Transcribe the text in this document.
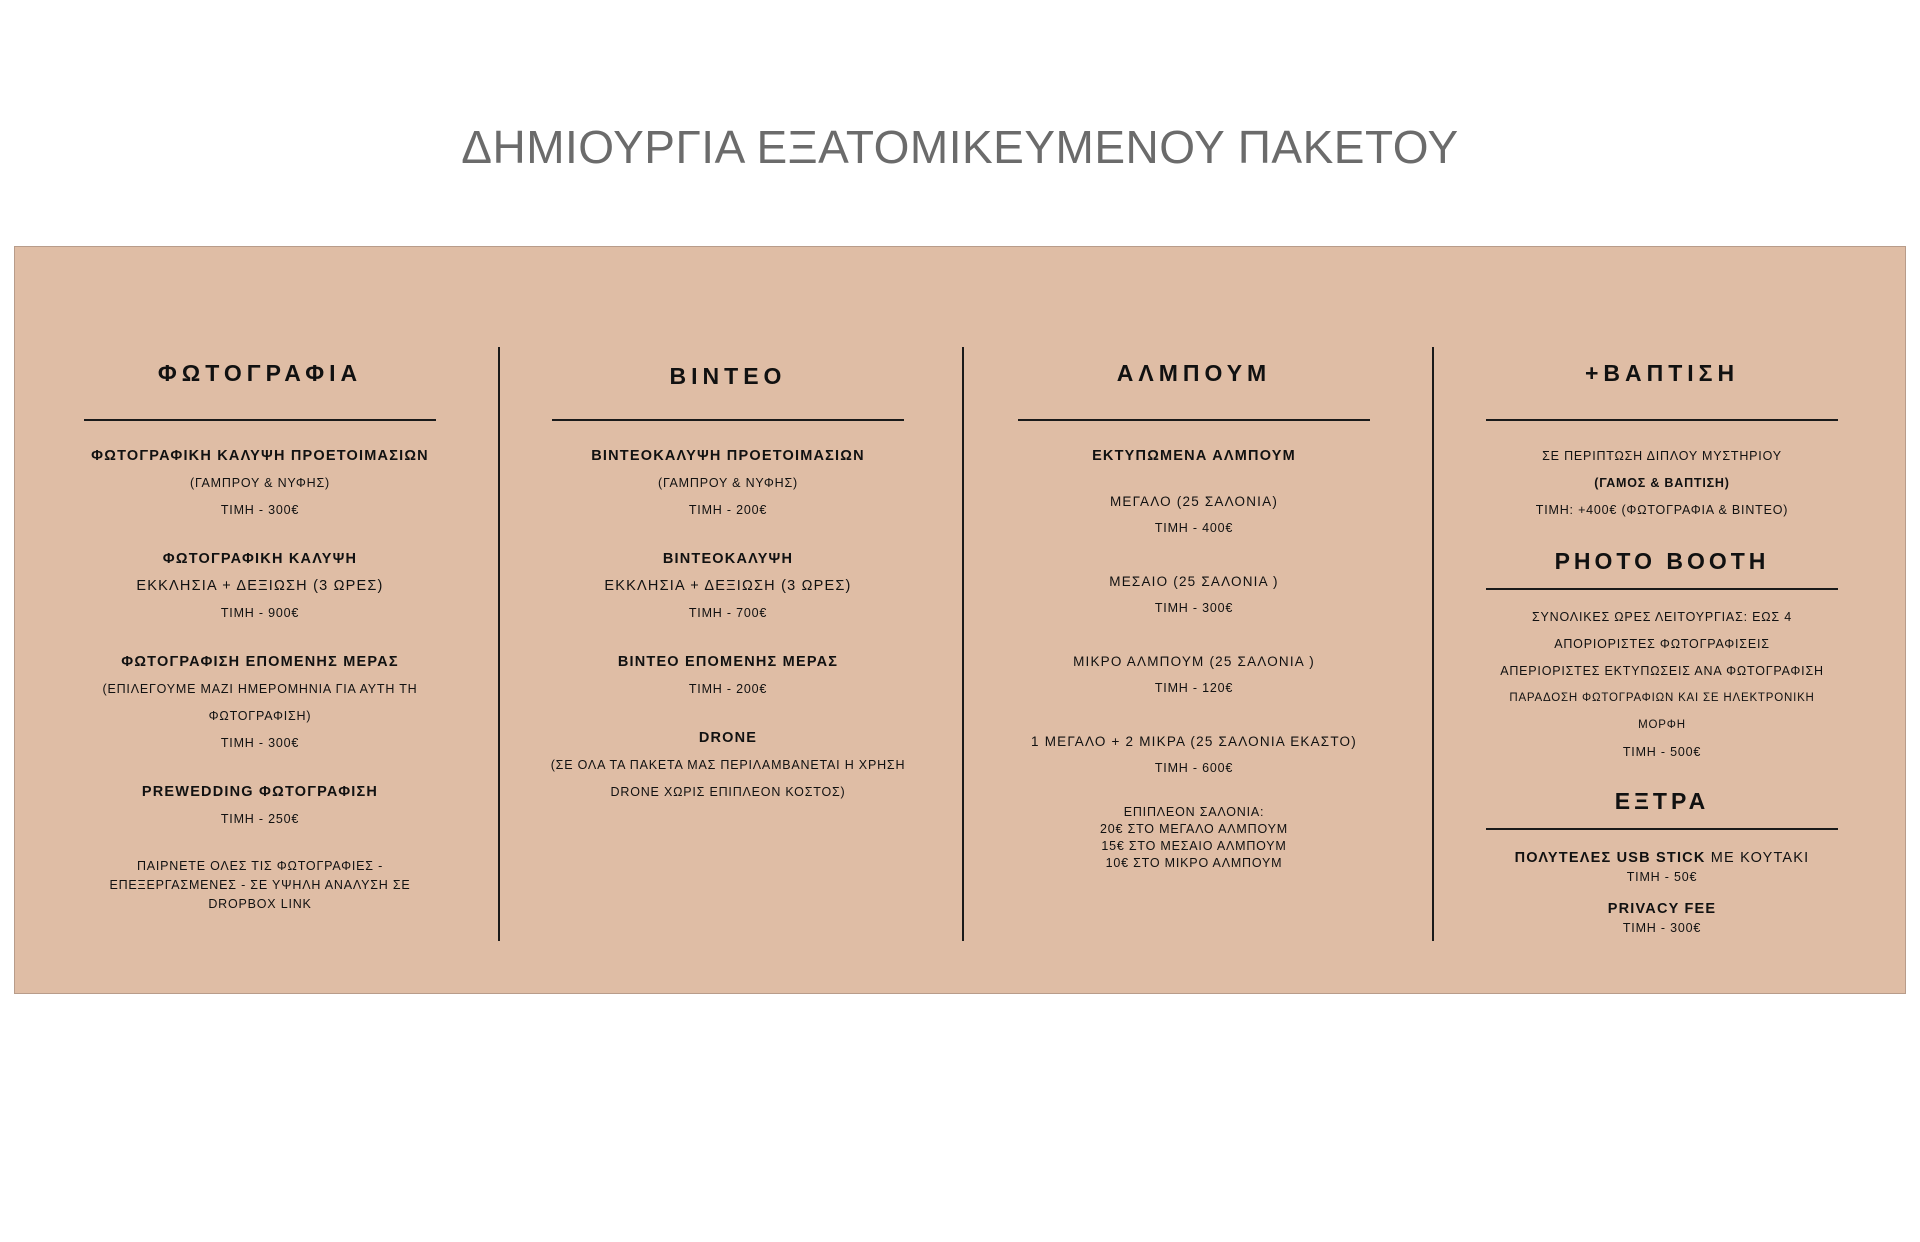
ΔΗΜΙΟΥΡΓΙΑ ΕΞΑΤΟΜΙΚΕΥΜΕΝΟΥ ΠΑΚΕΤΟΥ
ΦΩΤΟΓΡΑΦΙΑ
ΦΩΤΟΓΡΑΦΙΚΗ ΚΑΛΥΨΗ ΠΡΟΕΤΟΙΜΑΣΙΩΝ
(ΓΑΜΠΡΟΥ & ΝΥΦΗΣ)
ΤΙΜΗ - 300€
ΦΩΤΟΓΡΑΦΙΚΗ ΚΑΛΥΨΗ
ΕΚΚΛΗΣΙΑ + ΔΕΞΙΩΣΗ (3 ΩΡΕΣ)
ΤΙΜΗ - 900€
ΦΩΤΟΓΡΑΦΙΣΗ ΕΠΟΜΕΝΗΣ ΜΕΡΑΣ
(ΕΠΙΛΕΓΟΥΜΕ ΜΑΖΙ ΗΜΕΡΟΜΗΝΙΑ ΓΙΑ ΑΥΤΗ ΤΗ
ΦΩΤΟΓΡΑΦΙΣΗ)
ΤΙΜΗ - 300€
PREWEDDING ΦΩΤΟΓΡΑΦΙΣΗ
ΤΙΜΗ - 250€
ΠΑΙΡΝΕΤΕ ΟΛΕΣ ΤΙΣ ΦΩΤΟΓΡΑΦΙΕΣ -
ΕΠΕΞΕΡΓΑΣΜΕΝΕΣ - ΣΕ ΥΨΗΛΗ ΑΝΑΛΥΣΗ ΣΕ
DROPBOX LINK
ΒΙΝΤΕΟ
ΒΙΝΤΕΟΚΑΛΥΨΗ ΠΡΟΕΤΟΙΜΑΣΙΩΝ
(ΓΑΜΠΡΟΥ & ΝΥΦΗΣ)
ΤΙΜΗ - 200€
ΒΙΝΤΕΟΚΑΛΥΨΗ
ΕΚΚΛΗΣΙΑ + ΔΕΞΙΩΣΗ (3 ΩΡΕΣ)
ΤΙΜΗ - 700€
ΒΙΝΤΕΟ ΕΠΟΜΕΝΗΣ ΜΕΡΑΣ
ΤΙΜΗ - 200€
DRONE
(ΣΕ ΟΛΑ ΤΑ ΠΑΚΕΤΑ ΜΑΣ ΠΕΡΙΛΑΜΒΑΝΕΤΑΙ Η ΧΡΗΣΗ
DRONE ΧΩΡΙΣ ΕΠΙΠΛΕΟΝ ΚΟΣΤΟΣ)
ΑΛΜΠΟΥΜ
ΕΚΤΥΠΩΜΕΝΑ ΑΛΜΠΟΥΜ
ΜΕΓΑΛΟ (25 ΣΑΛΟΝΙΑ)
ΤΙΜΗ - 400€
ΜΕΣΑΙΟ (25 ΣΑΛΟΝΙΑ )
ΤΙΜΗ - 300€
ΜΙΚΡΟ ΑΛΜΠΟΥΜ (25 ΣΑΛΟΝΙΑ )
ΤΙΜΗ - 120€
1 ΜΕΓΑΛΟ + 2 ΜΙΚΡΑ (25 ΣΑΛΟΝΙΑ ΕΚΑΣΤΟ)
ΤΙΜΗ - 600€
ΕΠΙΠΛΕΟΝ ΣΑΛΟΝΙΑ:
20€ ΣΤΟ ΜΕΓΑΛΟ ΑΛΜΠΟΥΜ
15€ ΣΤΟ ΜΕΣΑΙΟ ΑΛΜΠΟΥΜ
10€ ΣΤΟ ΜΙΚΡΟ ΑΛΜΠΟΥΜ
+ΒΑΠΤΙΣΗ
ΣΕ ΠΕΡΙΠΤΩΣΗ ΔΙΠΛΟΥ ΜΥΣΤΗΡΙΟΥ
(ΓΑΜΟΣ & ΒΑΠΤΙΣΗ)
ΤΙΜΗ: +400€ (ΦΩΤΟΓΡΑΦΙΑ & ΒΙΝΤΕΟ)
PHOTO BOOTH
ΣΥΝΟΛΙΚΕΣ ΩΡΕΣ ΛΕΙΤΟΥΡΓΙΑΣ: ΕΩΣ 4
ΑΠΟΡΙΟΡΙΣΤΕΣ ΦΩΤΟΓΡΑΦΙΣΕΙΣ
ΑΠΕΡΙΟΡΙΣΤΕΣ ΕΚΤΥΠΩΣΕΙΣ ΑΝΑ ΦΩΤΟΓΡΑΦΙΣΗ
ΠΑΡΑΔΟΣΗ ΦΩΤΟΓΡΑΦΙΩΝ ΚΑΙ ΣΕ ΗΛΕΚΤΡΟΝΙΚΗ ΜΟΡΦΗ
ΤΙΜΗ - 500€
ΕΞΤΡΑ
ΠΟΛΥΤΕΛΕΣ USB STICK ΜΕ ΚΟΥΤΑΚΙ
ΤΙΜΗ - 50€
PRIVACY FEE
ΤΙΜΗ - 300€
